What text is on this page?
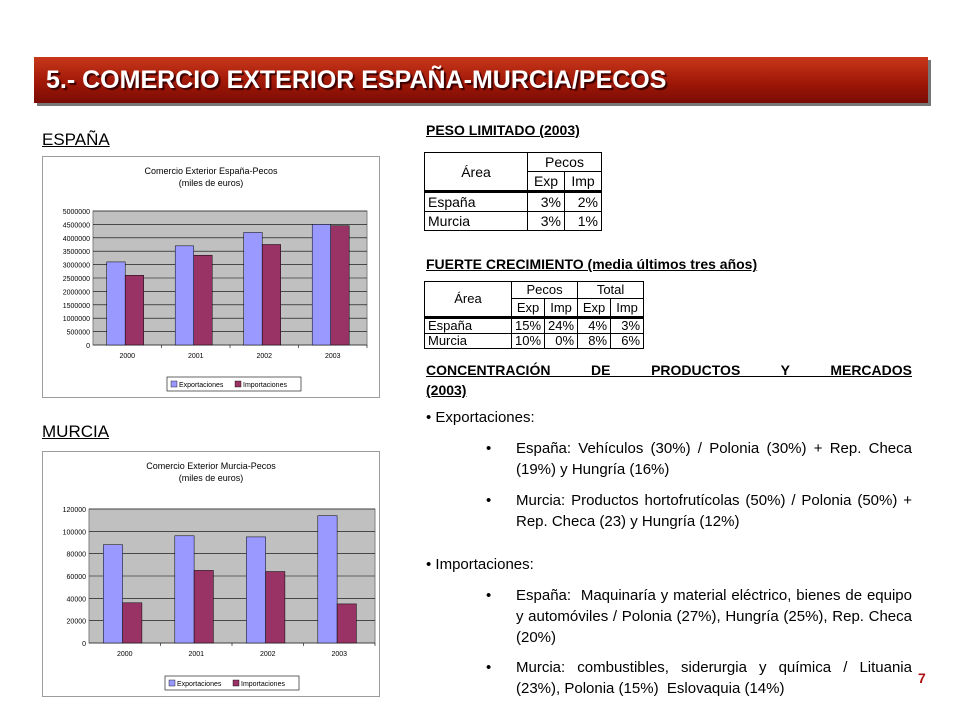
5.- COMERCIO EXTERIOR ESPAÑA-MURCIA/PECOS
ESPAÑA
Comercio Exterior España-Pecos
(miles de euros)
0
500000
1000000
1500000
2000000
2500000
3000000
3500000
4000000
4500000
5000000
2000	2001	2002	2003
Exportaciones	Importaciones
MURCIA
Comercio Exterior Murcia-Pecos
(miles de euros)
0
20000
40000
60000
80000
100000
120000
2000	2001	2002	2003
Exportaciones	Importaciones
PESO LIMITADO (2003)
Área	Pecos	
	Exp	Imp
España	3%	2%
Murcia	3%	1%
FUERTE CRECIMIENTO (media últimos tres años)
Área	Pecos		Total	
	Exp	Imp	Exp	Imp
España	15%	24%	4%	3%
Murcia	10%	0%	8%	6%
CONCENTRACIÓN DE PRODUCTOS Y MERCADOS
(2003)
• Exportaciones:
• España: Vehículos (30%) / Polonia (30%) + Rep. Checa (19%) y Hungría (16%)
• Murcia: Productos hortofrutícolas (50%) / Polonia (50%) + Rep. Checa (23) y Hungría (12%)
• Importaciones:
• España:  Maquinaría y material eléctrico, bienes de equipo y automóviles / Polonia (27%), Hungría (25%), Rep. Checa (20%)
• Murcia: combustibles, siderurgia y química / Lituania (23%), Polonia (15%)  Eslovaquia (14%)
7
